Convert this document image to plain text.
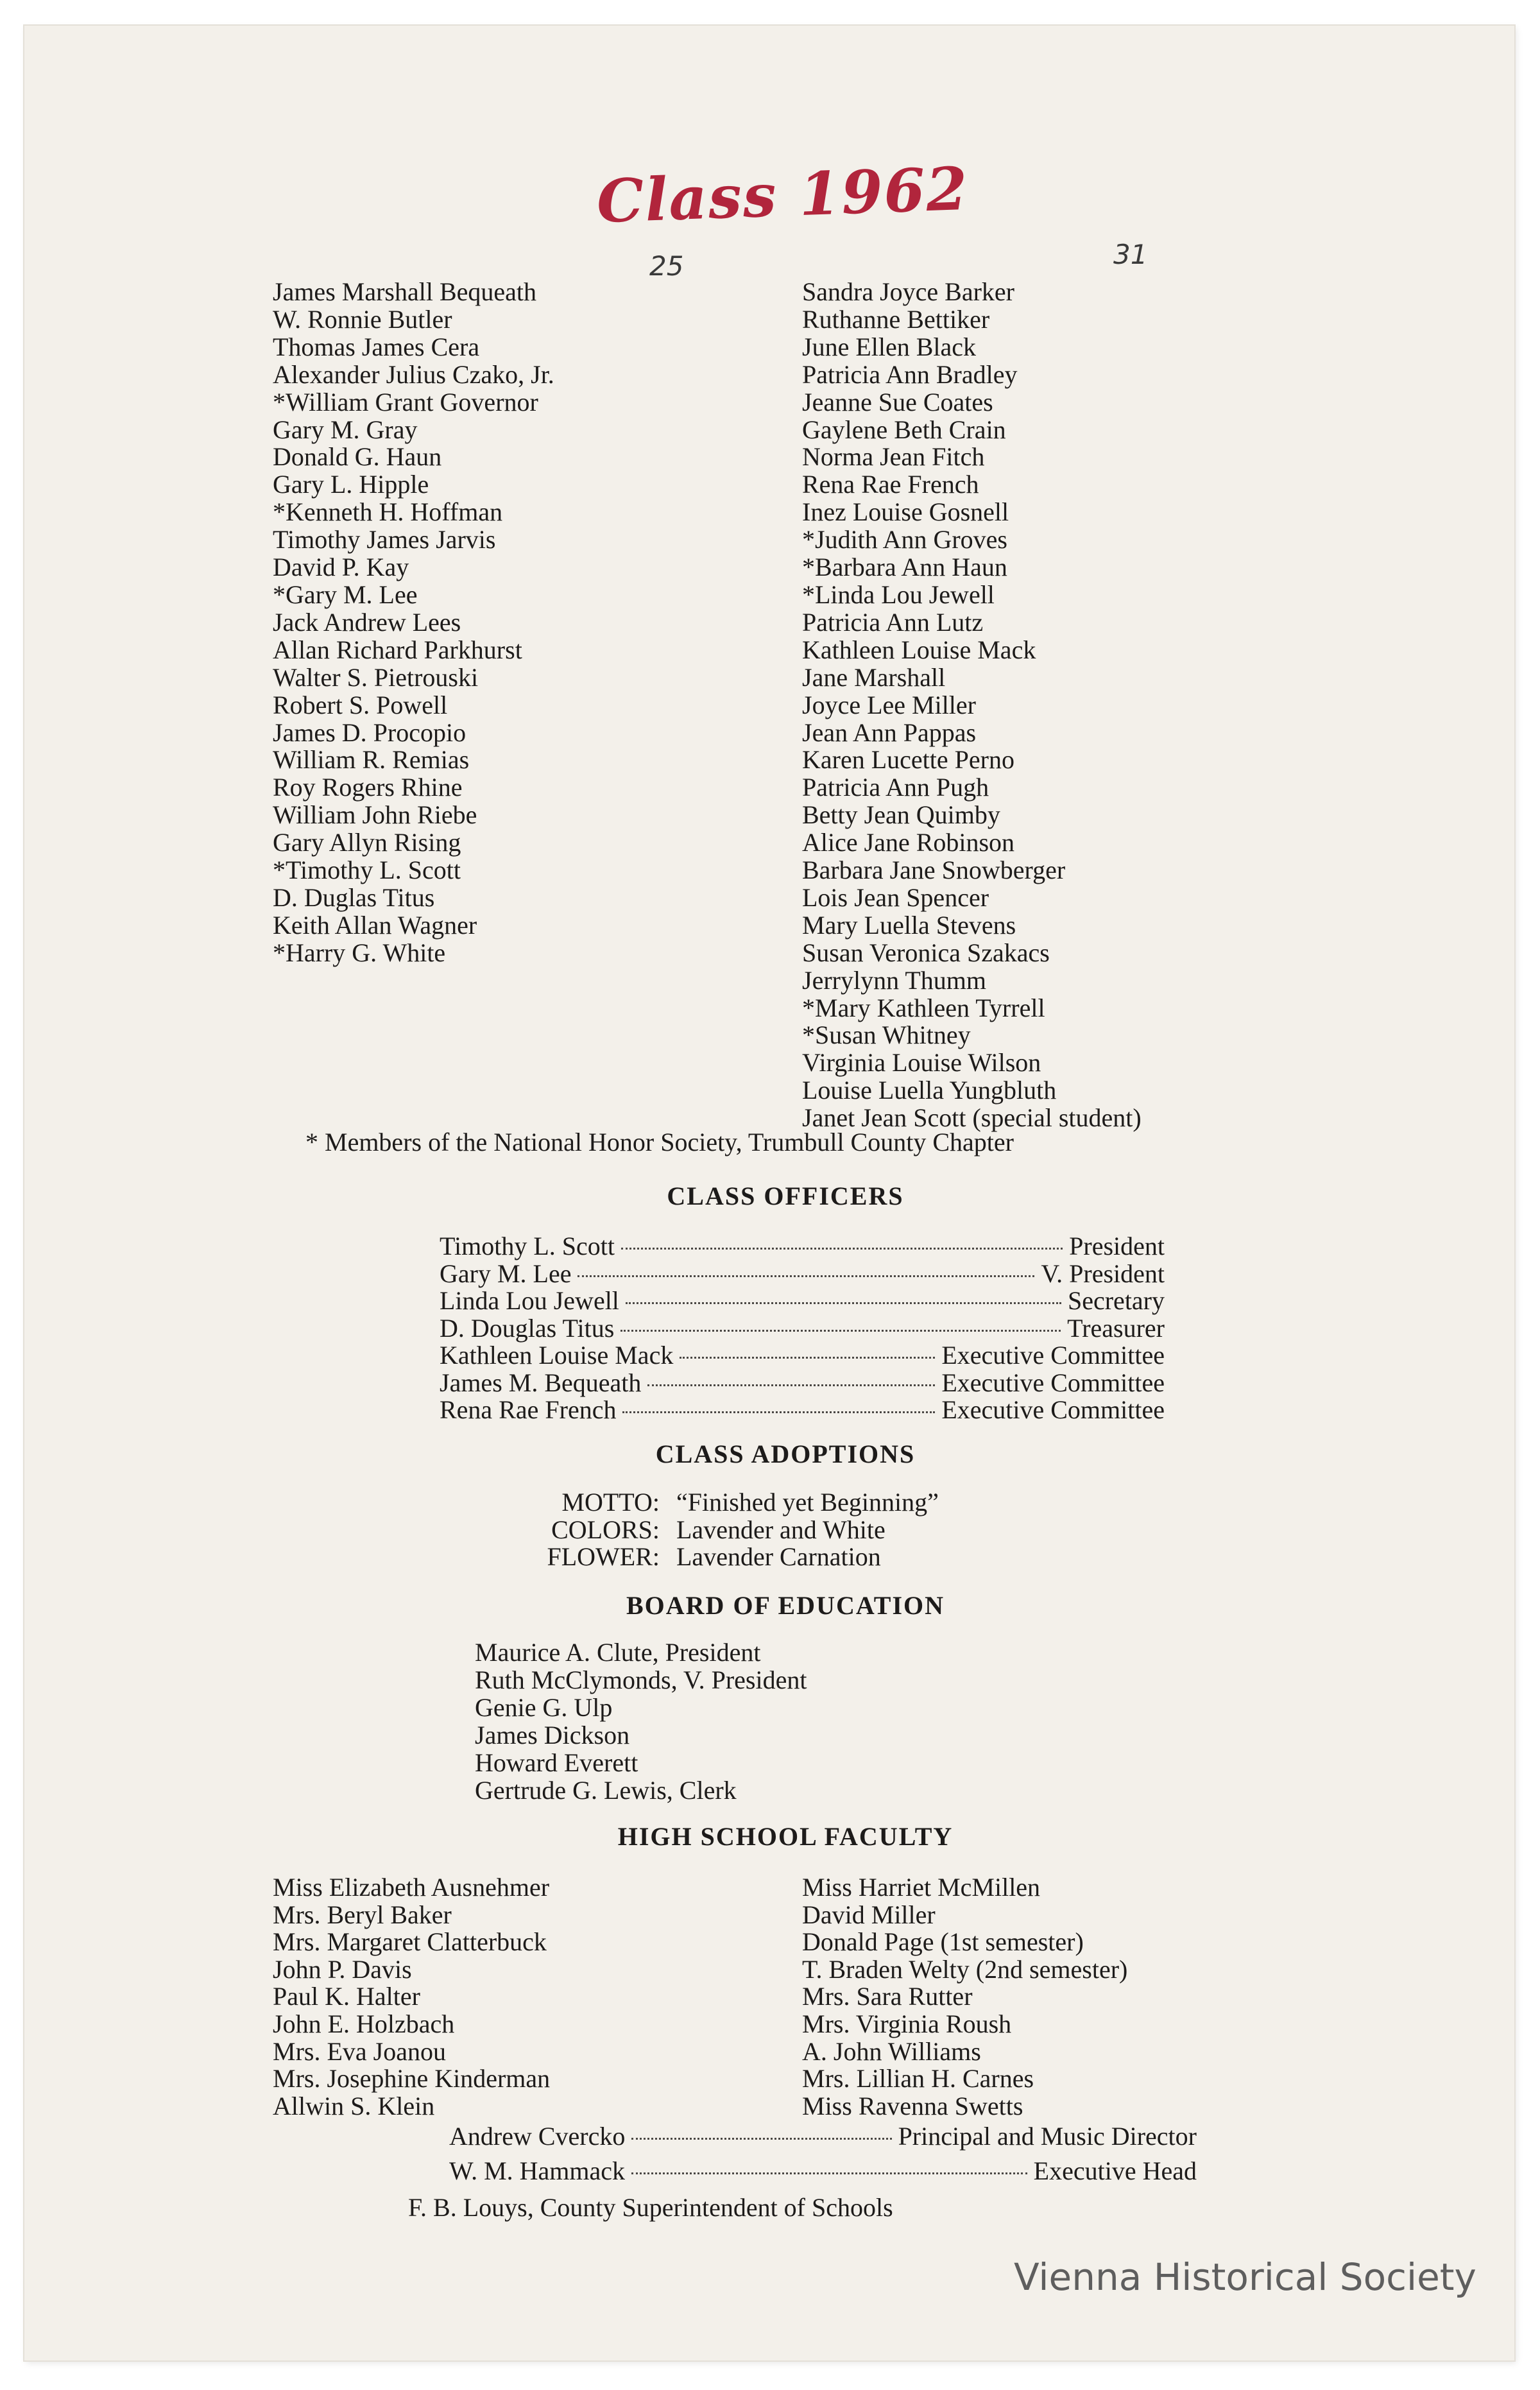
Class 1962

25	31
James Marshall Bequeath
W. Ronnie Butler
Thomas James Cera
Alexander Julius Czako, Jr.
*William Grant Governor
Gary M. Gray
Donald G. Haun
Gary L. Hipple
*Kenneth H. Hoffman
Timothy James Jarvis
David P. Kay
*Gary M. Lee
Jack Andrew Lees
Allan Richard Parkhurst
Walter S. Pietrouski
Robert S. Powell
James D. Procopio
William R. Remias
Roy Rogers Rhine
William John Riebe
Gary Allyn Rising
*Timothy L. Scott
D. Duglas Titus
Keith Allan Wagner
*Harry G. White
Sandra Joyce Barker
Ruthanne Bettiker
June Ellen Black
Patricia Ann Bradley
Jeanne Sue Coates
Gaylene Beth Crain
Norma Jean Fitch
Rena Rae French
Inez Louise Gosnell
*Judith Ann Groves
*Barbara Ann Haun
*Linda Lou Jewell
Patricia Ann Lutz
Kathleen Louise Mack
Jane Marshall
Joyce Lee Miller
Jean Ann Pappas
Karen Lucette Perno
Patricia Ann Pugh
Betty Jean Quimby
Alice Jane Robinson
Barbara Jane Snowberger
Lois Jean Spencer
Mary Luella Stevens
Susan Veronica Szakacs
Jerrylynn Thumm
*Mary Kathleen Tyrrell
*Susan Whitney
Virginia Louise Wilson
Louise Luella Yungbluth
Janet Jean Scott (special student)

* Members of the National Honor Society, Trumbull County Chapter

CLASS OFFICERS
Timothy L. Scott	President
Gary M. Lee	V. President
Linda Lou Jewell	Secretary
D. Douglas Titus	Treasurer
Kathleen Louise Mack	Executive Committee
James M. Bequeath	Executive Committee
Rena Rae French	Executive Committee
CLASS ADOPTIONS
MOTTO: “Finished yet Beginning”
COLORS: Lavender and White
FLOWER: Lavender Carnation
BOARD OF EDUCATION
Maurice A. Clute, President
Ruth McClymonds, V. President
Genie G. Ulp
James Dickson
Howard Everett
Gertrude G. Lewis, Clerk
HIGH SCHOOL FACULTY
Miss Elizabeth Ausnehmer
Mrs. Beryl Baker
Mrs. Margaret Clatterbuck
John P. Davis
Paul K. Halter
John E. Holzbach
Mrs. Eva Joanou
Mrs. Josephine Kinderman
Allwin S. Klein
Miss Harriet McMillen
David Miller
Donald Page (1st semester)
T. Braden Welty (2nd semester)
Mrs. Sara Rutter
Mrs. Virginia Roush
A. John Williams
Mrs. Lillian H. Carnes
Miss Ravenna Swetts
Andrew Cvercko	Principal and Music Director
W. M. Hammack	Executive Head

F. B. Louys, County Superintendent of Schools

Vienna Historical Society
